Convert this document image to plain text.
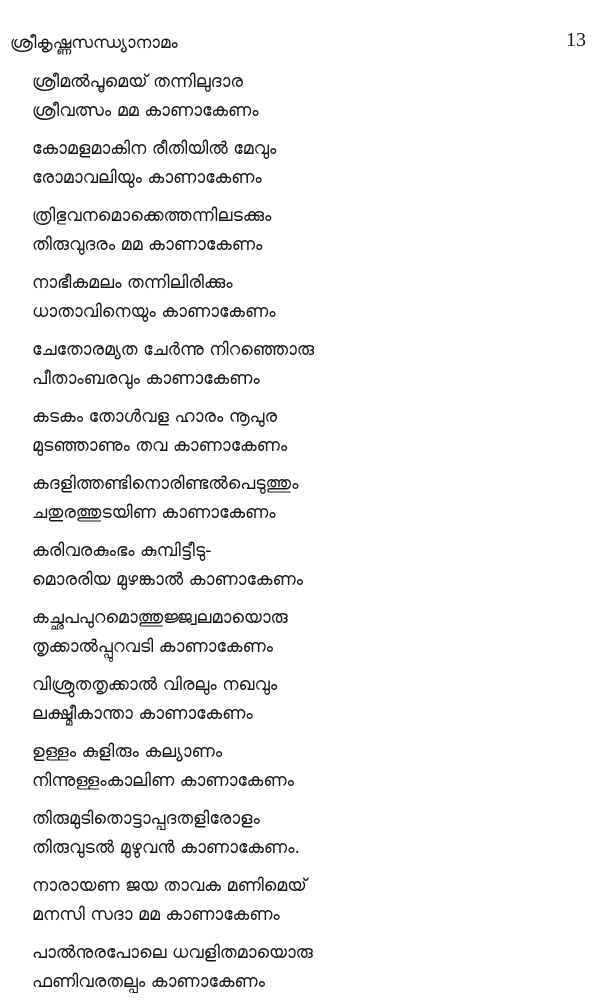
ശ്രീകൃഷ്ണസന്ധ്യാനാമം	13
ശ്രീമൽപൂമെയ് തന്നിലുദാര
ശ്രീവത്സം മമ കാണാകേണം
കോമളമാകിന രീതിയിൽ മേവും
രോമാവലിയും കാണാകേണം
ത്രിഭുവനമൊക്കെത്തന്നിലടക്കും
തിരുവുദരം മമ കാണാകേണം
നാഭീകമലം തന്നിലിരിക്കും
ധാതാവിനെയും കാണാകേണം
ചേതോരമ്യത ചേർന്നു നിറഞ്ഞൊരു
പീതാംബരവും കാണാകേണം
കടകം തോൾവള ഹാരം നൂപുര
മുടഞ്ഞാണും തവ കാണാകേണം
കദളിത്തണ്ടിനൊരിണ്ടൽപെടുത്തും
ചതുരത്തുടയിണ കാണാകേണം
കരിവരകുംഭം കുമ്പിട്ടീടു-
മൊരരിയ മുഴങ്കാൽ കാണാകേണം
കച്ഛപപുറമൊത്തുജ്ജ്വലമായൊരു
തൃക്കാൽപ്പുറവടി കാണാകേണം
വിശ്രുതതൃക്കാൽ വിരലും നഖവും
ലക്ഷ്മീകാന്താ കാണാകേണം
ഉള്ളം കുളിരും കല്യാണം
നിന്നുള്ളംകാലിണ കാണാകേണം
തിരുമുടിതൊട്ടാപ്പദതളിരോളം
തിരുവുടൽ മുഴുവൻ കാണാകേണം.
നാരായണ ജയ താവക മണിമെയ്
മനസി സദാ മമ കാണാകേണം
പാൽനുരപോലെ ധവളിതമായൊരു
ഫണിവരതല്പം കാണാകേണം
